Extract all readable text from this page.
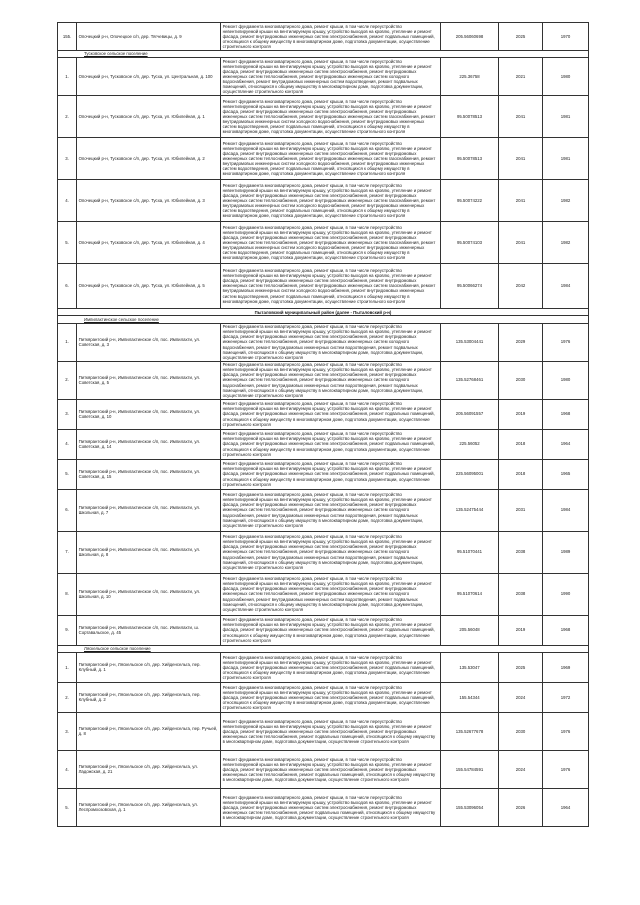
155.	Опочецкий р-н, Опочецкое с/п, дер. Тягчевицы, д. 9	Ремонт фундамента многоквартирного дома, ремонт крыши, в том числе переустройство невентилируемой крыши на вентилируемую крышу, устройство выходов на кровлю, утепление и ремонт фасада, ремонт внутридомовых инженерных систем электроснабжения, ремонт подвальных помещений, относящихся к общему имуществу в многоквартирном доме, подготовка документации, осуществление строительного контроля	205.56060698	2025	1970
Тусковское сельское поселение					
1.	Опочецкий р-н, Тусковское с/п, дер. Тусха, ул. Центральная, д. 100	Ремонт фундамента многоквартирного дома, ремонт крыши, в том числе переустройство невентилируемой крыши на вентилируемую крышу, устройство выходов на кровлю, утепление и ремонт фасада, ремонт внутридомовых инженерных систем электроснабжения, ремонт внутридомовых инженерных систем теплоснабжения, ремонт внутридомовых инженерных систем холодного водоснабжения, ремонт внутридомовых инженерных систем водоотведения, ремонт подвальных помещений, относящихся к общему имуществу в многоквартирном доме, подготовка документации, осуществление строительного контроля	225.36758	2021	1980
2.	Опочецкий р-н, Тусковское с/п, дер. Тусха, ул. Юбилейная, д. 1	Ремонт фундамента многоквартирного дома, ремонт крыши, в том числе переустройство невентилируемой крыши на вентилируемую крышу, устройство выходов на кровлю, утепление и ремонт фасада, ремонт внутридомовых инженерных систем электроснабжения, ремонт внутридомовых инженерных систем теплоснабжения, ремонт внутридомовых инженерных систем газоснабжения, ремонт внутридомовых инженерных систем холодного водоснабжения, ремонт внутридомовых инженерных систем водоотведения, ремонт подвальных помещений, относящихся к общему имуществу в многоквартирном доме, подготовка документации, осуществление строительного контроля	95.50078513	2041	1981
3.	Опочецкий р-н, Тусковское с/п, дер. Тусха, ул. Юбилейная, д. 2	Ремонт фундамента многоквартирного дома, ремонт крыши, в том числе переустройство невентилируемой крыши на вентилируемую крышу, устройство выходов на кровлю, утепление и ремонт фасада, ремонт внутридомовых инженерных систем электроснабжения, ремонт внутридомовых инженерных систем теплоснабжения, ремонт внутридомовых инженерных систем газоснабжения, ремонт внутридомовых инженерных систем холодного водоснабжения, ремонт внутридомовых инженерных систем водоотведения, ремонт подвальных помещений, относящихся к общему имуществу в многоквартирном доме, подготовка документации, осуществление строительного контроля	95.50078513	2041	1981
4.	Опочецкий р-н, Тусковское с/п, дер. Тусха, ул. Юбилейная, д. 3	Ремонт фундамента многоквартирного дома, ремонт крыши, в том числе переустройство невентилируемой крыши на вентилируемую крышу, устройство выходов на кровлю, утепление и ремонт фасада, ремонт внутридомовых инженерных систем электроснабжения, ремонт внутридомовых инженерных систем теплоснабжения, ремонт внутридомовых инженерных систем газоснабжения, ремонт внутридомовых инженерных систем холодного водоснабжения, ремонт внутридомовых инженерных систем водоотведения, ремонт подвальных помещений, относящихся к общему имуществу в многоквартирном доме, подготовка документации, осуществление строительного контроля	95.50074222	2041	1982
5.	Опочецкий р-н, Тусковское с/п, дер. Тусха, ул. Юбилейная, д. 4	Ремонт фундамента многоквартирного дома, ремонт крыши, в том числе переустройство невентилируемой крыши на вентилируемую крышу, устройство выходов на кровлю, утепление и ремонт фасада, ремонт внутридомовых инженерных систем электроснабжения, ремонт внутридомовых инженерных систем теплоснабжения, ремонт внутридомовых инженерных систем газоснабжения, ремонт внутридомовых инженерных систем холодного водоснабжения, ремонт внутридомовых инженерных систем водоотведения, ремонт подвальных помещений, относящихся к общему имуществу в многоквартирном доме, подготовка документации, осуществление строительного контроля	95.50074103	2041	1982
6.	Опочецкий р-н, Тусковское с/п, дер. Тусха, ул. Юбилейная, д. 5	Ремонт фундамента многоквартирного дома, ремонт крыши, в том числе переустройство невентилируемой крыши на вентилируемую крышу, устройство выходов на кровлю, утепление и ремонт фасада, ремонт внутридомовых инженерных систем электроснабжения, ремонт внутридомовых инженерных систем теплоснабжения, ремонт внутридомовых инженерных систем газоснабжения, ремонт внутридомовых инженерных систем холодного водоснабжения, ремонт внутридомовых инженерных систем водоотведения, ремонт подвальных помещений, относящихся к общему имуществу в многоквартирном доме, подготовка документации, осуществление строительного контроля	95.50066274	2042	1984
Пыталовский муниципальный район (далее - Пыталовский р-н)					
Импилахтинское сельское поселение					
1.	Питкярантский р-н, Импилахтинское с/п, пос. Импилахти, ул. Советская, д. 3	Ремонт фундамента многоквартирного дома, ремонт крыши, в том числе переустройство невентилируемой крыши на вентилируемую крышу, устройство выходов на кровлю, утепление и ремонт фасада, ремонт внутридомовых инженерных систем электроснабжения, ремонт внутридомовых инженерных систем теплоснабжения, ремонт внутридомовых инженерных систем холодного водоснабжения, ремонт внутридомовых инженерных систем водоотведения, ремонт подвальных помещений, относящихся к общему имуществу в многоквартирном доме, подготовка документации, осуществление строительного контроля	135.53004441	2029	1976
2.	Питкярантский р-н, Импилахтинское с/п, пос. Импилахти, ул. Советская, д. 5	Ремонт фундамента многоквартирного дома, ремонт крыши, в том числе переустройство невентилируемой крыши на вентилируемую крышу, устройство выходов на кровлю, утепление и ремонт фасада, ремонт внутридомовых инженерных систем электроснабжения, ремонт внутридомовых инженерных систем теплоснабжения, ремонт внутридомовых инженерных систем холодного водоснабжения, ремонт внутридомовых инженерных систем водоотведения, ремонт подвальных помещений, относящихся к общему имуществу в многоквартирном доме, подготовка документации, осуществление строительного контроля	135.52768461	2030	1980
3.	Питкярантский р-н, Импилахтинское с/п, пос. Импилахти, ул. Советская, д. 10	Ремонт фундамента многоквартирного дома, ремонт крыши, в том числе переустройство невентилируемой крыши на вентилируемую крышу, устройство выходов на кровлю, утепление и ремонт фасада, ремонт внутридомовых инженерных систем электроснабжения, ремонт подвальных помещений, относящихся к общему имуществу в многоквартирном доме, подготовка документации, осуществление строительного контроля	205.56091557	2019	1968
4.	Питкярантский р-н, Импилахтинское с/п, пос. Импилахти, ул. Советская, д. 14	Ремонт фундамента многоквартирного дома, ремонт крыши, в том числе переустройство невентилируемой крыши на вентилируемую крышу, устройство выходов на кровлю, утепление и ремонт фасада, ремонт внутридомовых инженерных систем электроснабжения, ремонт подвальных помещений, относящихся к общему имуществу в многоквартирном доме, подготовка документации, осуществление строительного контроля	225.56052	2018	1964
5.	Питкярантский р-н, Импилахтинское с/п, пос. Импилахти, ул. Советская, д. 15	Ремонт фундамента многоквартирного дома, ремонт крыши, в том числе переустройство невентилируемой крыши на вентилируемую крышу, устройство выходов на кровлю, утепление и ремонт фасада, ремонт внутридомовых инженерных систем электроснабжения, ремонт подвальных помещений, относящихся к общему имуществу в многоквартирном доме, подготовка документации, осуществление строительного контроля	225.56095001	2018	1965
6.	Питкярантский р-н, Импилахтинское с/п, пос. Импилахти, ул. Школьная, д. 7	Ремонт фундамента многоквартирного дома, ремонт крыши, в том числе переустройство невентилируемой крыши на вентилируемую крышу, устройство выходов на кровлю, утепление и ремонт фасада, ремонт внутридомовых инженерных систем электроснабжения, ремонт внутридомовых инженерных систем теплоснабжения, ремонт внутридомовых инженерных систем холодного водоснабжения, ремонт внутридомовых инженерных систем водоотведения, ремонт подвальных помещений, относящихся к общему имуществу в многоквартирном доме, подготовка документации, осуществление строительного контроля	135.52475444	2031	1984
7.	Питкярантский р-н, Импилахтинское с/п, пос. Импилахти, ул. Школьная, д. 8	Ремонт фундамента многоквартирного дома, ремонт крыши, в том числе переустройство невентилируемой крыши на вентилируемую крышу, устройство выходов на кровлю, утепление и ремонт фасада, ремонт внутридомовых инженерных систем электроснабжения, ремонт внутридомовых инженерных систем теплоснабжения, ремонт внутридомовых инженерных систем холодного водоснабжения, ремонт внутридомовых инженерных систем водоотведения, ремонт подвальных помещений, относящихся к общему имуществу в многоквартирном доме, подготовка документации, осуществление строительного контроля	95.51070441	2038	1989
8.	Питкярантский р-н, Импилахтинское с/п, пос. Импилахти, ул. Школьная, д. 10	Ремонт фундамента многоквартирного дома, ремонт крыши, в том числе переустройство невентилируемой крыши на вентилируемую крышу, устройство выходов на кровлю, утепление и ремонт фасада, ремонт внутридомовых инженерных систем электроснабжения, ремонт внутридомовых инженерных систем теплоснабжения, ремонт внутридомовых инженерных систем холодного водоснабжения, ремонт внутридомовых инженерных систем водоотведения, ремонт подвальных помещений, относящихся к общему имуществу в многоквартирном доме, подготовка документации, осуществление строительного контроля	95.51070614	2038	1990
9.	Питкярантский р-н, Импилахтинское с/п, пос. Импилахти, ш. Сортавальское, д. 45	Ремонт фундамента многоквартирного дома, ремонт крыши, в том числе переустройство невентилируемой крыши на вентилируемую крышу, устройство выходов на кровлю, утепление и ремонт фасада, ремонт внутридомовых инженерных систем электроснабжения, ремонт подвальных помещений, относящихся к общему имуществу в многоквартирном доме, подготовка документации, осуществление строительного контроля	205.56048	2019	1968
Ляскельское сельское поселение					
1.	Питкярантский р-н, Ляскельское с/п, дер. Хийденсельга, пер. Клубный, д. 1	Ремонт фундамента многоквартирного дома, ремонт крыши, в том числе переустройство невентилируемой крыши на вентилируемую крышу, устройство выходов на кровлю, утепление и ремонт фасада, ремонт внутридомовых инженерных систем электроснабжения, ремонт подвальных помещений, относящихся к общему имуществу в многоквартирном доме, подготовка документации, осуществление строительного контроля	135.53047	2025	1969
2.	Питкярантский р-н, Ляскельское с/п, дер. Хийденсельга, пер. Клубный, д. 2	Ремонт фундамента многоквартирного дома, ремонт крыши, в том числе переустройство невентилируемой крыши на вентилируемую крышу, устройство выходов на кровлю, утепление и ремонт фасада, ремонт внутридомовых инженерных систем электроснабжения, ремонт подвальных помещений, относящихся к общему имуществу в многоквартирном доме, подготовка документации, осуществление строительного контроля	155.54344	2024	1972
3.	Питкярантский р-н, Ляскельское с/п, дер. Хийденсельга, пер. Ручьей, д. 8	Ремонт фундамента многоквартирного дома, ремонт крыши, в том числе переустройство невентилируемой крыши на вентилируемую крышу, устройство выходов на кровлю, утепление и ремонт фасада, ремонт внутридомовых инженерных систем электроснабжения, ремонт внутридомовых инженерных систем теплоснабжения, ремонт подвальных помещений, относящихся к общему имуществу в многоквартирном доме, подготовка документации, осуществление строительного контроля	135.52677678	2030	1976
4.	Питкярантский р-н, Ляскельское с/п, дер. Хийденсельга, ул. Ладожская, д. 21	Ремонт фундамента многоквартирного дома, ремонт крыши, в том числе переустройство невентилируемой крыши на вентилируемую крышу, устройство выходов на кровлю, утепление и ремонт фасада, ремонт внутридомовых инженерных систем электроснабжения, ремонт внутридомовых инженерных систем теплоснабжения, ремонт подвальных помещений, относящихся к общему имуществу в многоквартирном доме, подготовка документации, осуществление строительного контроля	155.54784591	2024	1976
5.	Питкярантский р-н, Ляскельское с/п, дер. Хийденсельга, ул. Леспромхозовская, д. 1	Ремонт фундамента многоквартирного дома, ремонт крыши, в том числе переустройство невентилируемой крыши на вентилируемую крышу, устройство выходов на кровлю, утепление и ремонт фасада, ремонт внутридомовых инженерных систем электроснабжения, ремонт внутридомовых инженерных систем теплоснабжения, ремонт подвальных помещений, относящихся к общему имуществу в многоквартирном доме, подготовка документации, осуществление строительного контроля	155.53096054	2026	1964
